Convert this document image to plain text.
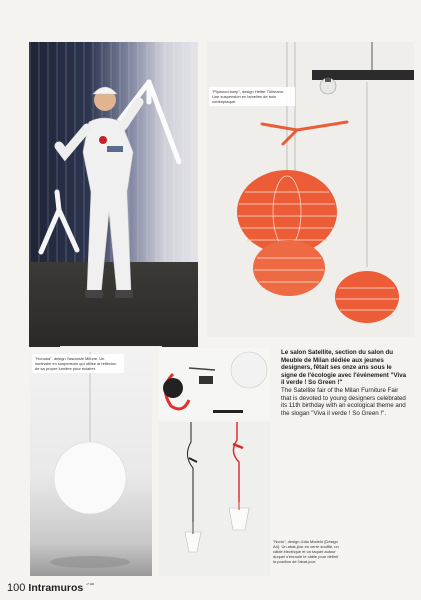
"Plywood lamp", design Helter Tüllmann. Une suspension en lamelles de bois contreplaqué.
"Honoka", design Yasutoshi Mifune. Un luminaire en suspension qui utilise la réflexion de sa propre lumière pour éclairer.
"Nodo", design Julia Modelo (Design A4). Un abat-jour en verre soufflé, un câble électrique et un taquet autour duquel s'enroule le câble pour définir la position de l'abat-jour.

Le salon Satellite, section du salon du Meuble de Milan dédiée aux jeunes designers, fêtait ses onze ans sous le signe de l'écologie avec l'événement "Viva il verde ! So Green !"

The Satellite fair of the Milan Furniture Fair that is devoted to young designers celebrated its 11th birthday with an ecological theme and the slogan "Viva il verde ! So Green !".

100 Intramuros $^{n^\circ 140}$
